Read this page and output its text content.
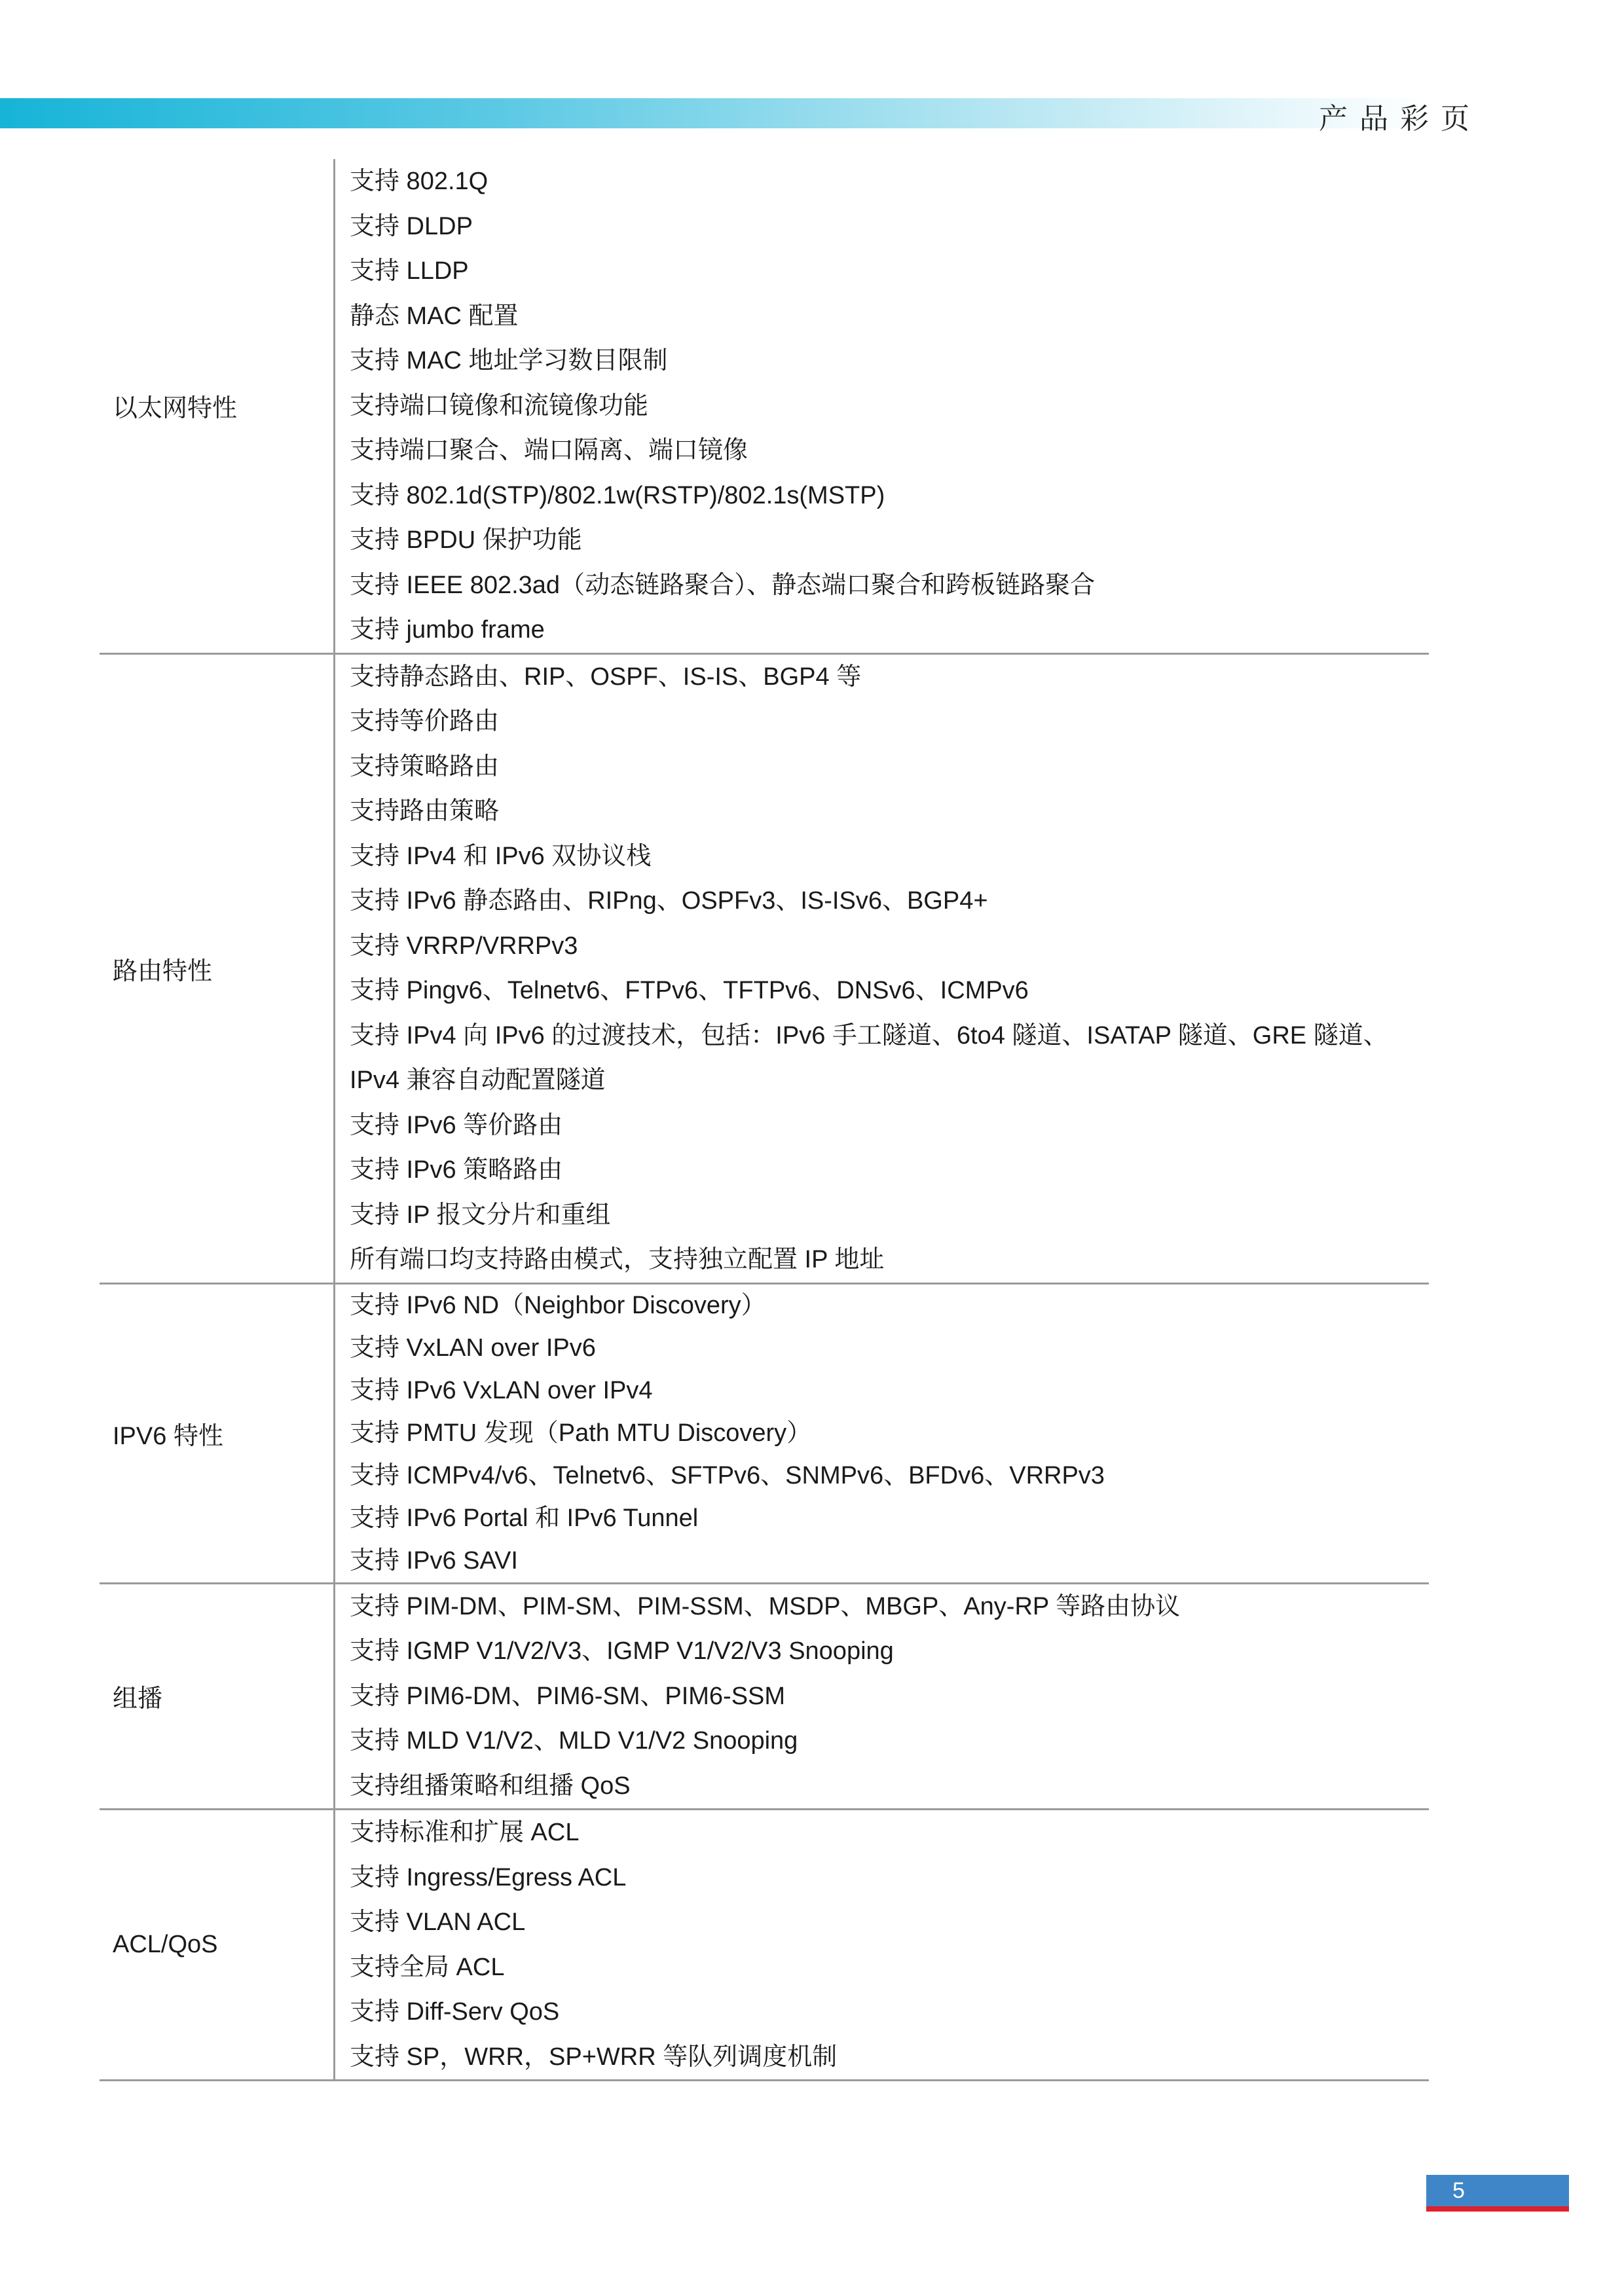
产品彩页
以太网特性
支持 802.1Q
支持 DLDP
支持 LLDP
静态 MAC 配置
支持 MAC 地址学习数目限制
支持端口镜像和流镜像功能
支持端口聚合、端口隔离、端口镜像
支持 802.1d(STP)/802.1w(RSTP)/802.1s(MSTP)
支持 BPDU 保护功能
支持 IEEE 802.3ad（动态链路聚合）、静态端口聚合和跨板链路聚合
支持 jumbo frame
路由特性
支持静态路由、RIP、OSPF、IS-IS、BGP4 等
支持等价路由
支持策略路由
支持路由策略
支持 IPv4 和 IPv6 双协议栈
支持 IPv6 静态路由、RIPng、OSPFv3、IS-ISv6、BGP4+
支持 VRRP/VRRPv3
支持 Pingv6、Telnetv6、FTPv6、TFTPv6、DNSv6、ICMPv6
支持 IPv4 向 IPv6 的过渡技术，包括：IPv6 手工隧道、6to4 隧道、ISATAP 隧道、GRE 隧道、IPv4 兼容自动配置隧道
支持 IPv6 等价路由
支持 IPv6 策略路由
支持 IP 报文分片和重组
所有端口均支持路由模式，支持独立配置 IP 地址
IPV6 特性
支持 IPv6 ND（Neighbor Discovery）
支持 VxLAN over IPv6
支持 IPv6 VxLAN over IPv4
支持 PMTU 发现（Path MTU Discovery）
支持 ICMPv4/v6、Telnetv6、SFTPv6、SNMPv6、BFDv6、VRRPv3
支持 IPv6 Portal 和 IPv6 Tunnel
支持 IPv6 SAVI
组播
支持 PIM-DM、PIM-SM、PIM-SSM、MSDP、MBGP、Any-RP 等路由协议
支持 IGMP V1/V2/V3、IGMP V1/V2/V3 Snooping
支持 PIM6-DM、PIM6-SM、PIM6-SSM
支持 MLD V1/V2、MLD V1/V2 Snooping
支持组播策略和组播 QoS
ACL/QoS
支持标准和扩展 ACL
支持 Ingress/Egress ACL
支持 VLAN ACL
支持全局 ACL
支持 Diff-Serv QoS
支持 SP，WRR，SP+WRR 等队列调度机制
5
